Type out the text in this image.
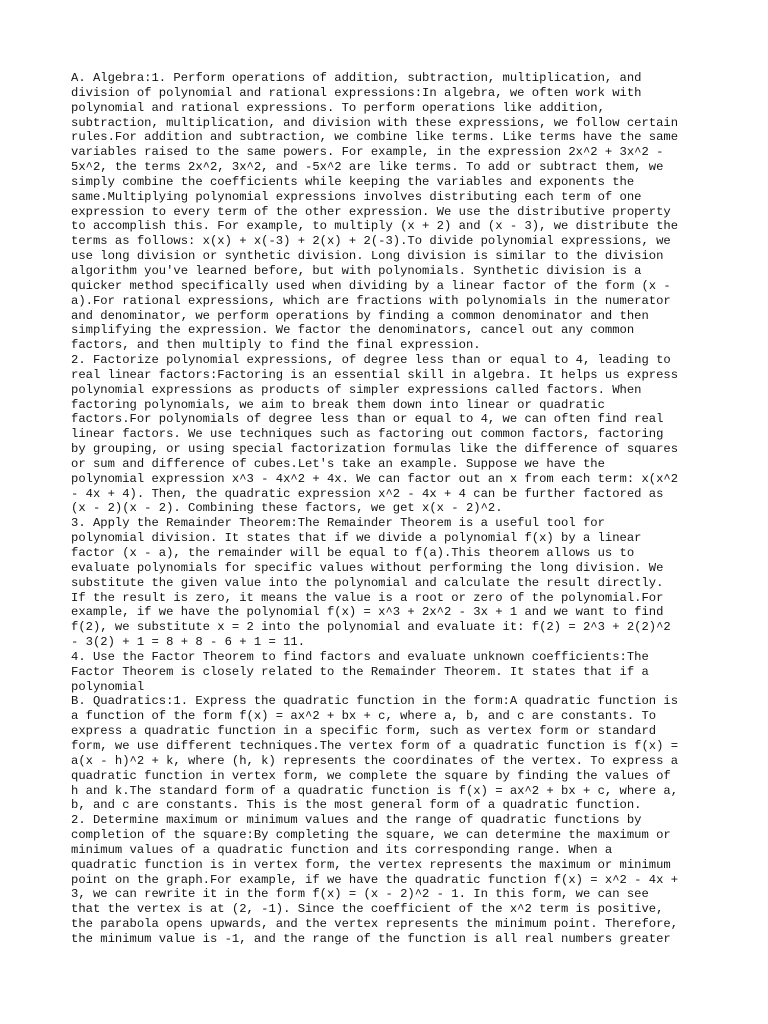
A. Algebra:1. Perform operations of addition, subtraction, multiplication, and
division of polynomial and rational expressions:In algebra, we often work with
polynomial and rational expressions. To perform operations like addition,
subtraction, multiplication, and division with these expressions, we follow certain
rules.For addition and subtraction, we combine like terms. Like terms have the same
variables raised to the same powers. For example, in the expression 2x^2 + 3x^2 -
5x^2, the terms 2x^2, 3x^2, and -5x^2 are like terms. To add or subtract them, we
simply combine the coefficients while keeping the variables and exponents the
same.Multiplying polynomial expressions involves distributing each term of one
expression to every term of the other expression. We use the distributive property
to accomplish this. For example, to multiply (x + 2) and (x - 3), we distribute the
terms as follows: x(x) + x(-3) + 2(x) + 2(-3).To divide polynomial expressions, we
use long division or synthetic division. Long division is similar to the division
algorithm you've learned before, but with polynomials. Synthetic division is a
quicker method specifically used when dividing by a linear factor of the form (x -
a).For rational expressions, which are fractions with polynomials in the numerator
and denominator, we perform operations by finding a common denominator and then
simplifying the expression. We factor the denominators, cancel out any common
factors, and then multiply to find the final expression.

2. Factorize polynomial expressions, of degree less than or equal to 4, leading to
real linear factors:Factoring is an essential skill in algebra. It helps us express
polynomial expressions as products of simpler expressions called factors. When
factoring polynomials, we aim to break them down into linear or quadratic
factors.For polynomials of degree less than or equal to 4, we can often find real
linear factors. We use techniques such as factoring out common factors, factoring
by grouping, or using special factorization formulas like the difference of squares
or sum and difference of cubes.Let's take an example. Suppose we have the
polynomial expression x^3 - 4x^2 + 4x. We can factor out an x from each term: x(x^2
- 4x + 4). Then, the quadratic expression x^2 - 4x + 4 can be further factored as
(x - 2)(x - 2). Combining these factors, we get x(x - 2)^2.

3. Apply the Remainder Theorem:The Remainder Theorem is a useful tool for
polynomial division. It states that if we divide a polynomial f(x) by a linear
factor (x - a), the remainder will be equal to f(a).This theorem allows us to
evaluate polynomials for specific values without performing the long division. We
substitute the given value into the polynomial and calculate the result directly.
If the result is zero, it means the value is a root or zero of the polynomial.For
example, if we have the polynomial f(x) = x^3 + 2x^2 - 3x + 1 and we want to find
f(2), we substitute x = 2 into the polynomial and evaluate it: f(2) = 2^3 + 2(2)^2
- 3(2) + 1 = 8 + 8 - 6 + 1 = 11.

4. Use the Factor Theorem to find factors and evaluate unknown coefficients:The
Factor Theorem is closely related to the Remainder Theorem. It states that if a
polynomial

B. Quadratics:1. Express the quadratic function in the form:A quadratic function is
a function of the form f(x) = ax^2 + bx + c, where a, b, and c are constants. To
express a quadratic function in a specific form, such as vertex form or standard
form, we use different techniques.The vertex form of a quadratic function is f(x) =
a(x - h)^2 + k, where (h, k) represents the coordinates of the vertex. To express a
quadratic function in vertex form, we complete the square by finding the values of
h and k.The standard form of a quadratic function is f(x) = ax^2 + bx + c, where a,
b, and c are constants. This is the most general form of a quadratic function.

2. Determine maximum or minimum values and the range of quadratic functions by
completion of the square:By completing the square, we can determine the maximum or
minimum values of a quadratic function and its corresponding range. When a
quadratic function is in vertex form, the vertex represents the maximum or minimum
point on the graph.For example, if we have the quadratic function f(x) = x^2 - 4x +
3, we can rewrite it in the form f(x) = (x - 2)^2 - 1. In this form, we can see
that the vertex is at (2, -1). Since the coefficient of the x^2 term is positive,
the parabola opens upwards, and the vertex represents the minimum point. Therefore,
the minimum value is -1, and the range of the function is all real numbers greater
